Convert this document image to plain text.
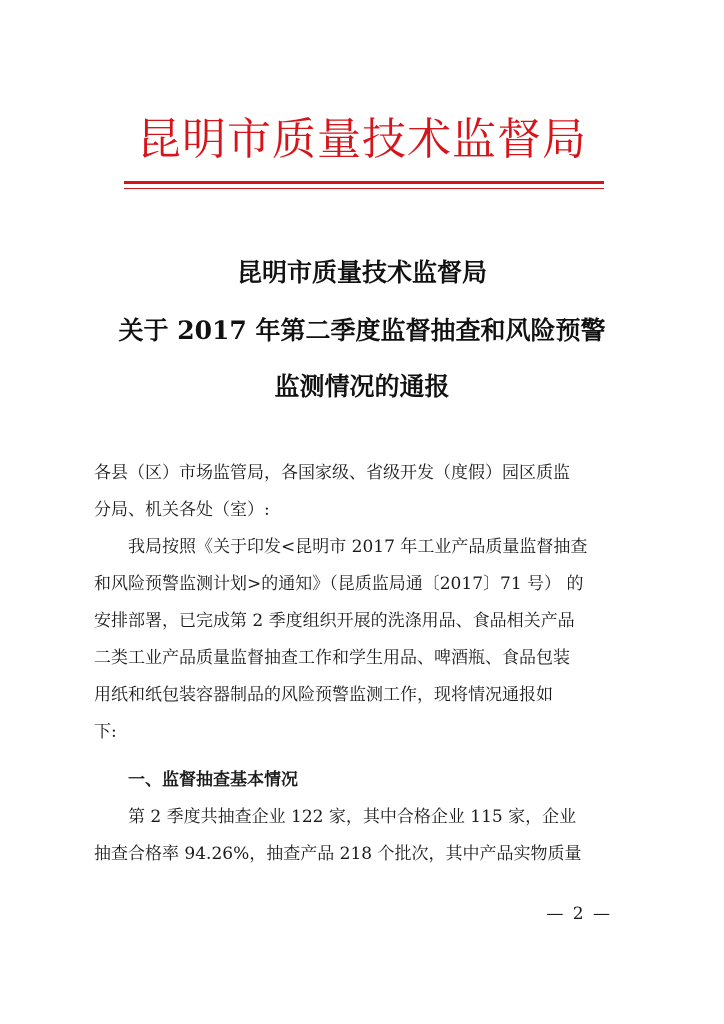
昆明市质量技术监督局
昆明市质量技术监督局
关于 2017 年第二季度监督抽查和风险预警
监测情况的通报
各县（区）市场监管局，各国家级、省级开发（度假）园区质监
分局、机关各处（室）:
我局按照《关于印发<昆明市 2017 年工业产品质量监督抽查
和风险预警监测计划>的通知》（昆质监局通〔2017〕71 号） 的
安排部署，已完成第 2 季度组织开展的洗涤用品、食品相关产品
二类工业产品质量监督抽查工作和学生用品、啤酒瓶、食品包装
用纸和纸包装容器制品的风险预警监测工作，现将情况通报如
下:
一、监督抽查基本情况
第 2 季度共抽查企业 122 家，其中合格企业 115 家，企业
抽查合格率 94.26%，抽查产品 218 个批次，其中产品实物质量
— 2 —
